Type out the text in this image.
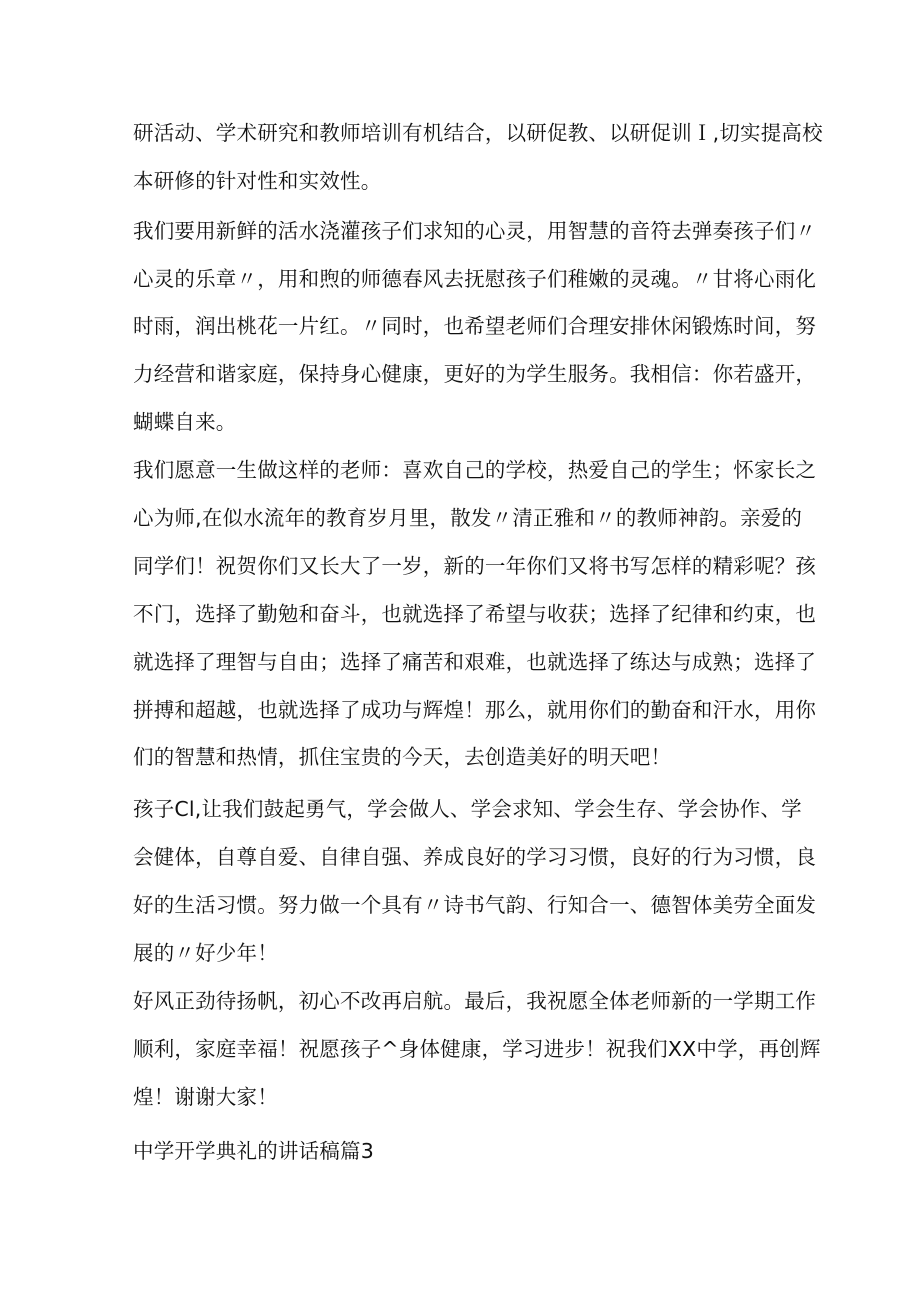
研活动、学术研究和教师培训有机结合，以研促教、以研促训Ｉ,切实提高校
本研修的针对性和实效性。
我们要用新鲜的活水浇灌孩子们求知的心灵，用智慧的音符去弹奏孩子们〃
心灵的乐章〃，用和煦的师德春风去抚慰孩子们稚嫩的灵魂。〃甘将心雨化
时雨，润出桃花一片红。〃同时，也希望老师们合理安排休闲锻炼时间，努
力经营和谐家庭，保持身心健康，更好的为学生服务。我相信：你若盛开，
蝴蝶自来。
我们愿意一生做这样的老师：喜欢自己的学校，热爱自己的学生；怀家长之
心为师,在似水流年的教育岁月里，散发〃清正雅和〃的教师神韵。亲爱的
同学们！祝贺你们又长大了一岁，新的一年你们又将书写怎样的精彩呢？孩
不门，选择了勤勉和奋斗，也就选择了希望与收获；选择了纪律和约束，也
就选择了理智与自由；选择了痛苦和艰难，也就选择了练达与成熟；选择了
拼搏和超越，也就选择了成功与辉煌！那么，就用你们的勤奋和汗水，用你
们的智慧和热情，抓住宝贵的今天，去创造美好的明天吧！
孩子Cl,让我们鼓起勇气，学会做人、学会求知、学会生存、学会协作、学
会健体，自尊自爱、自律自强、养成良好的学习习惯，良好的行为习惯，良
好的生活习惯。努力做一个具有〃诗书气韵、行知合一、德智体美劳全面发
展的〃好少年！
好风正劲待扬帆，初心不改再启航。最后，我祝愿全体老师新的一学期工作
顺利，家庭幸福！祝愿孩子^身体健康，学习进步！祝我们XX中学，再创辉
煌！谢谢大家！
中学开学典礼的讲话稿篇3
